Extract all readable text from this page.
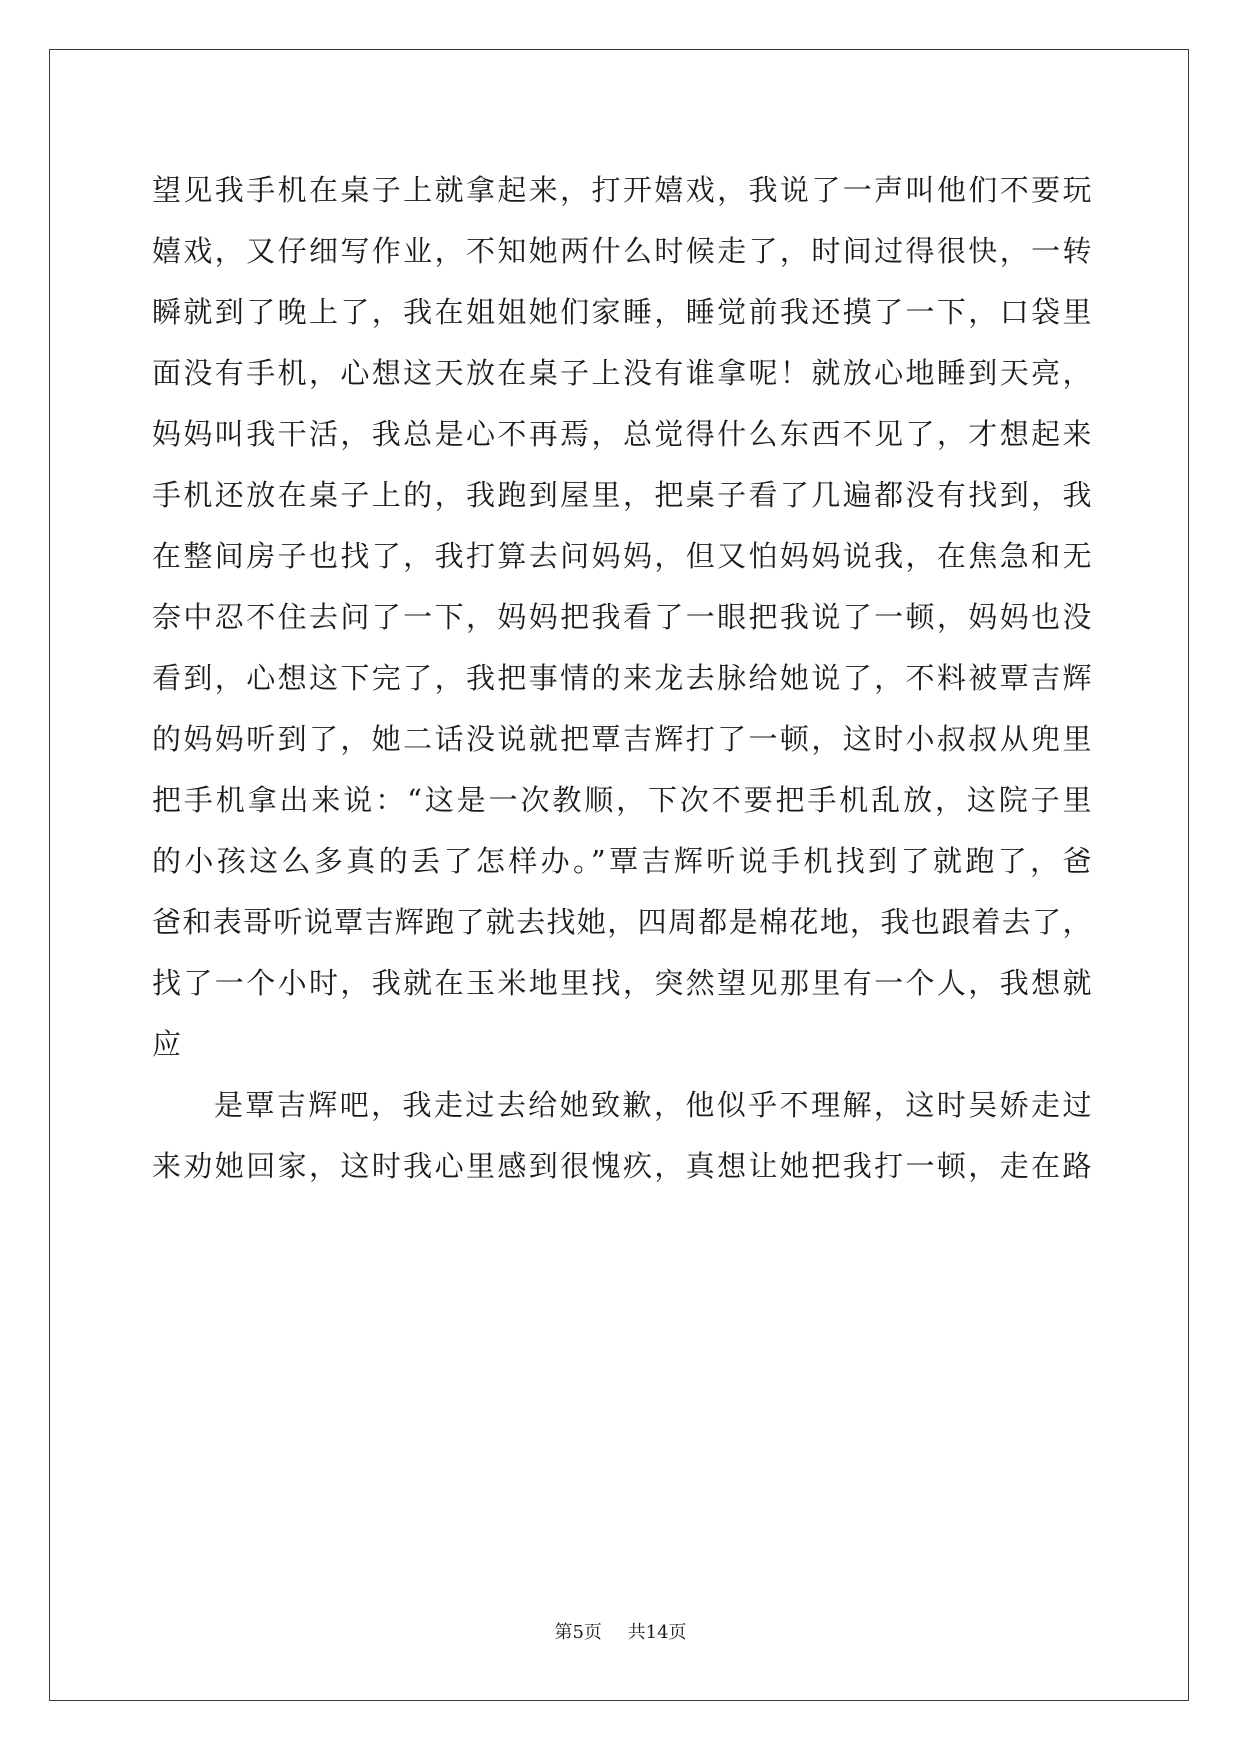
望见我手机在桌子上就拿起来，打开嬉戏，我说了一声叫他们不要玩
嬉戏，又仔细写作业，不知她两什么时候走了，时间过得很快，一转
瞬就到了晚上了，我在姐姐她们家睡，睡觉前我还摸了一下，口袋里
面没有手机，心想这天放在桌子上没有谁拿呢！就放心地睡到天亮，
妈妈叫我干活，我总是心不再焉，总觉得什么东西不见了，才想起来
手机还放在桌子上的，我跑到屋里，把桌子看了几遍都没有找到，我
在整间房子也找了，我打算去问妈妈，但又怕妈妈说我，在焦急和无
奈中忍不住去问了一下，妈妈把我看了一眼把我说了一顿，妈妈也没
看到，心想这下完了，我把事情的来龙去脉给她说了，不料被覃吉辉
的妈妈听到了，她二话没说就把覃吉辉打了一顿，这时小叔叔从兜里
把手机拿出来说：“这是一次教顺，下次不要把手机乱放，这院子里
的小孩这么多真的丢了怎样办。”覃吉辉听说手机找到了就跑了，爸
爸和表哥听说覃吉辉跑了就去找她，四周都是棉花地，我也跟着去了，
找了一个小时，我就在玉米地里找，突然望见那里有一个人，我想就
应
是覃吉辉吧，我走过去给她致歉，他似乎不理解，这时吴娇走过
来劝她回家，这时我心里感到很愧疚，真想让她把我打一顿，走在路
第5页 共14页
